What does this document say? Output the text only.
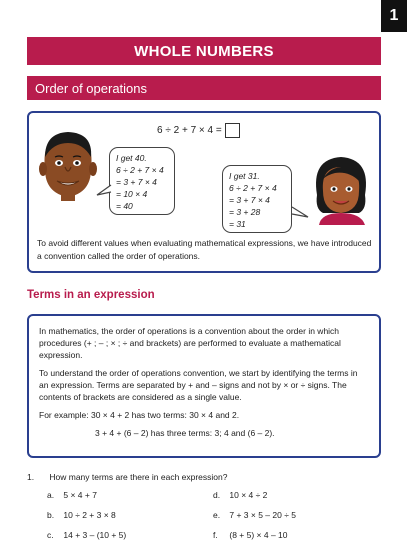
1
WHOLE NUMBERS
Order of operations
6 ÷ 2 + 7 × 4 =
I get 40.
6 ÷ 2 + 7 × 4
= 3 + 7 × 4
= 10 × 4
= 40
I get 31.
6 ÷ 2 + 7 × 4
= 3 + 7 × 4
= 3 + 28
= 31
To avoid different values when evaluating mathematical expressions, we have introduced a convention called the order of operations.
Terms in an expression

In mathematics, the order of operations is a convention about the order in which procedures (+ ; – ; × ; ÷ and brackets) are performed to evaluate a mathematical expression.

To understand the order of operations convention, we start by identifying the terms in an expression. Terms are separated by + and – signs and not by × or ÷ signs. The contents of brackets are considered as a single value.

For example: 30 × 4 + 2 has two terms: 30 × 4 and 2.

3 + 4 + (6 – 2) has three terms: 3; 4 and (6 – 2).

1. How many terms are there in each expression?
a. 5 × 4 + 7	d. 10 × 4 ÷ 2
b. 10 ÷ 2 + 3 × 8	e. 7 + 3 × 5 – 20 ÷ 5
c. 14 + 3 – (10 + 5)	f. (8 + 5) × 4 – 10
